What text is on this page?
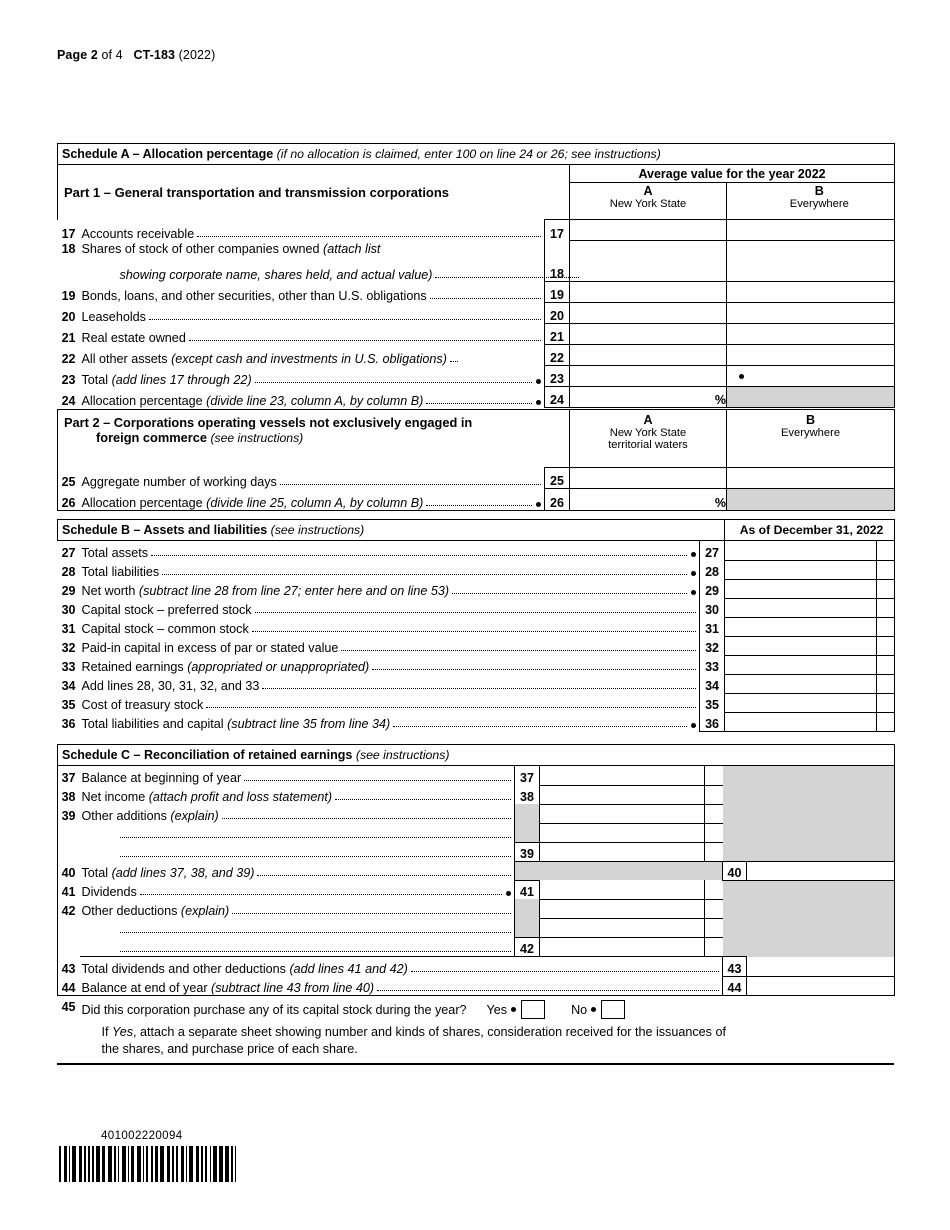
Page 2 of 4 CT-183 (2022)
Schedule A – Allocation percentage (if no allocation is claimed, enter 100 on line 24 or 26; see instructions)					
Part 1 – General transportation and transmission corporations			Average value for the year 2022		

A
New York State

B
Everywhere

17	Accounts receivable	17			
18	Shares of stock of other companies owned (attach list				

	showing corporate name, shares held, and actual value)	18			
19	Bonds, loans, and other securities, other than U.S. obligations	19			
20	Leaseholds	20			
21	Real estate owned	21			
22	All other assets (except cash and investments in U.S. obligations)	22			
23	Total (add lines 17 through 22)	23			
24	Allocation percentage (divide line 23, column A, by column B)	24	%		
Part 2 – Corporations operating vessels not exclusively engaged in
foreign commerce (see instructions)

A
New York State
territorial waters

B
Everywhere

25	Aggregate number of working days	25		
26	Allocation percentage (divide line 25, column A, by column B)	26	%	
Schedule B – Assets and liabilities (see instructions)			As of December 31, 2022	
27	Total assets	27		
28	Total liabilities	28		
29	Net worth (subtract line 28 from line 27; enter here and on line 53)	29		
30	Capital stock – preferred stock	30		
31	Capital stock – common stock	31		
32	Paid-in capital in excess of par or stated value	32		
33	Retained earnings (appropriated or unappropriated)	33		
34	Add lines 28, 30, 31, 32, and 33	34		
35	Cost of treasury stock	35		
36	Total liabilities and capital (subtract line 35 from line 34)	36		
Schedule C – Reconciliation of retained earnings (see instructions)						
37	Balance at beginning of year	37				
38	Net income (attach profit and loss statement)	38				
39	Other additions (explain)					

	39				
40	Total (add lines 37, 38, and 39)				40	
41	Dividends	41				
42	Other deductions (explain)					

	42				
43	Total dividends and other deductions (add lines 41 and 42)				43	
44	Balance at end of year (subtract line 43 from line 40)				44	
45	Did this corporation purchase any of its capital stock during the year? Yes No					

	If Yes, attach a separate sheet showing number and kinds of shares, consideration received for the issuances of
the shares, and purchase price of each share.					
401002220094
